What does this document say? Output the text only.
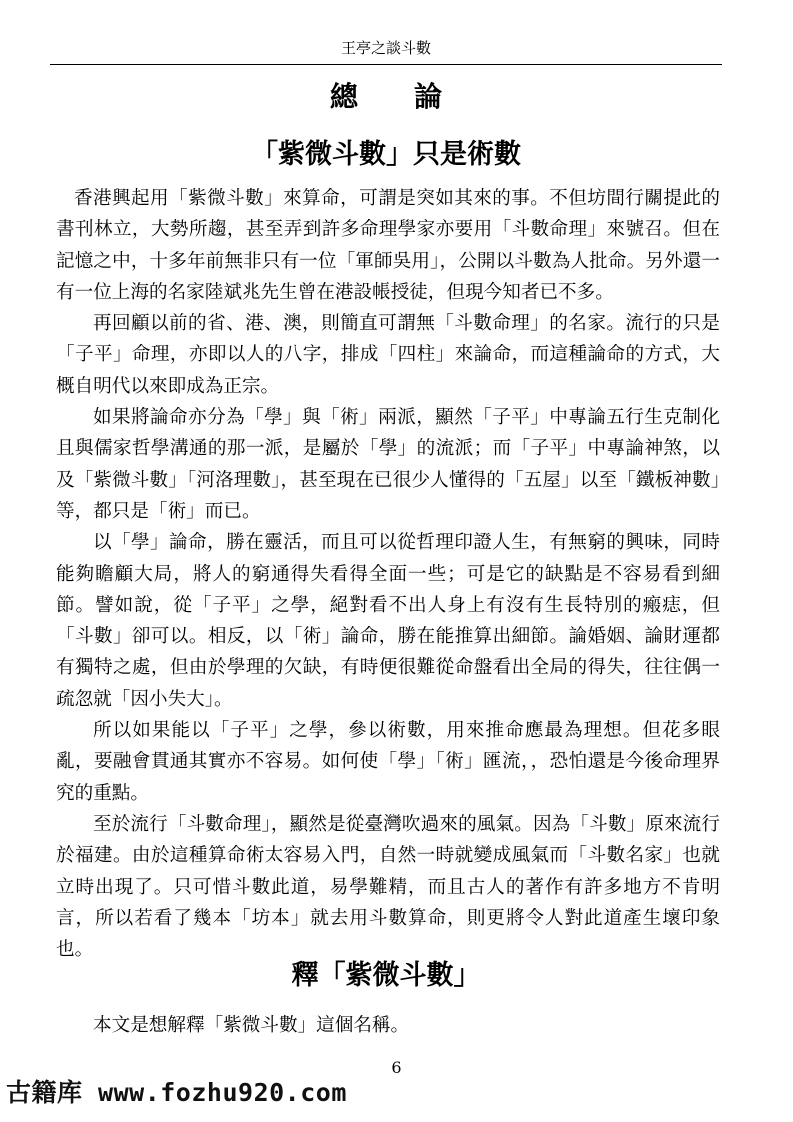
王亭之談斗數
總　　論
「紫微斗數」只是術數

香港興起用「紫微斗數」來算命，可謂是突如其來的事。不但坊間行關提此的書刊林立，大勢所趨，甚至弄到許多命理學家亦要用「斗數命理」來號召。但在記憶之中，十多年前無非只有一位「軍師吳用」，公開以斗數為人批命。另外還一有一位上海的名家陸斌兆先生曾在港設帳授徒，但現今知者已不多。

再回顧以前的省、港、澳，則簡直可謂無「斗數命理」的名家。流行的只是「子平」命理，亦即以人的八字，排成「四柱」來論命，而這種論命的方式，大概自明代以來即成為正宗。

如果將論命亦分為「學」與「術」兩派，顯然「子平」中專論五行生克制化且與儒家哲學溝通的那一派，是屬於「學」的流派；而「子平」中專論神煞，以及「紫微斗數」「河洛理數」，甚至現在已很少人懂得的「五屋」以至「鐵板神數」等，都只是「術」而已。

以「學」論命，勝在靈活，而且可以從哲理印證人生，有無窮的興味，同時能夠瞻顧大局，將人的窮通得失看得全面一些；可是它的缺點是不容易看到細節。譬如說，從「子平」之學，絕對看不出人身上有沒有生長特別的瘢痣，但「斗數」卻可以。相反，以「術」論命，勝在能推算出細節。論婚姻、論財運都有獨特之處，但由於學理的欠缺，有時便很難從命盤看出全局的得失，往往偶一疏忽就「因小失大」。

所以如果能以「子平」之學，參以術數，用來推命應最為理想。但花多眼亂，要融會貫通其實亦不容易。如何使「學」「術」匯流，，恐怕還是今後命理界究的重點。

至於流行「斗數命理」，顯然是從臺灣吹過來的風氣。因為「斗數」原來流行於福建。由於這種算命術太容易入門，自然一時就變成風氣而「斗數名家」也就立時出現了。只可惜斗數此道，易學難精，而且古人的著作有許多地方不肯明言，所以若看了幾本「坊本」就去用斗數算命，則更將令人對此道產生壞印象也。

釋「紫微斗數」

本文是想解釋「紫微斗數」這個名稱。

6
古籍库 www.fozhu920.com
